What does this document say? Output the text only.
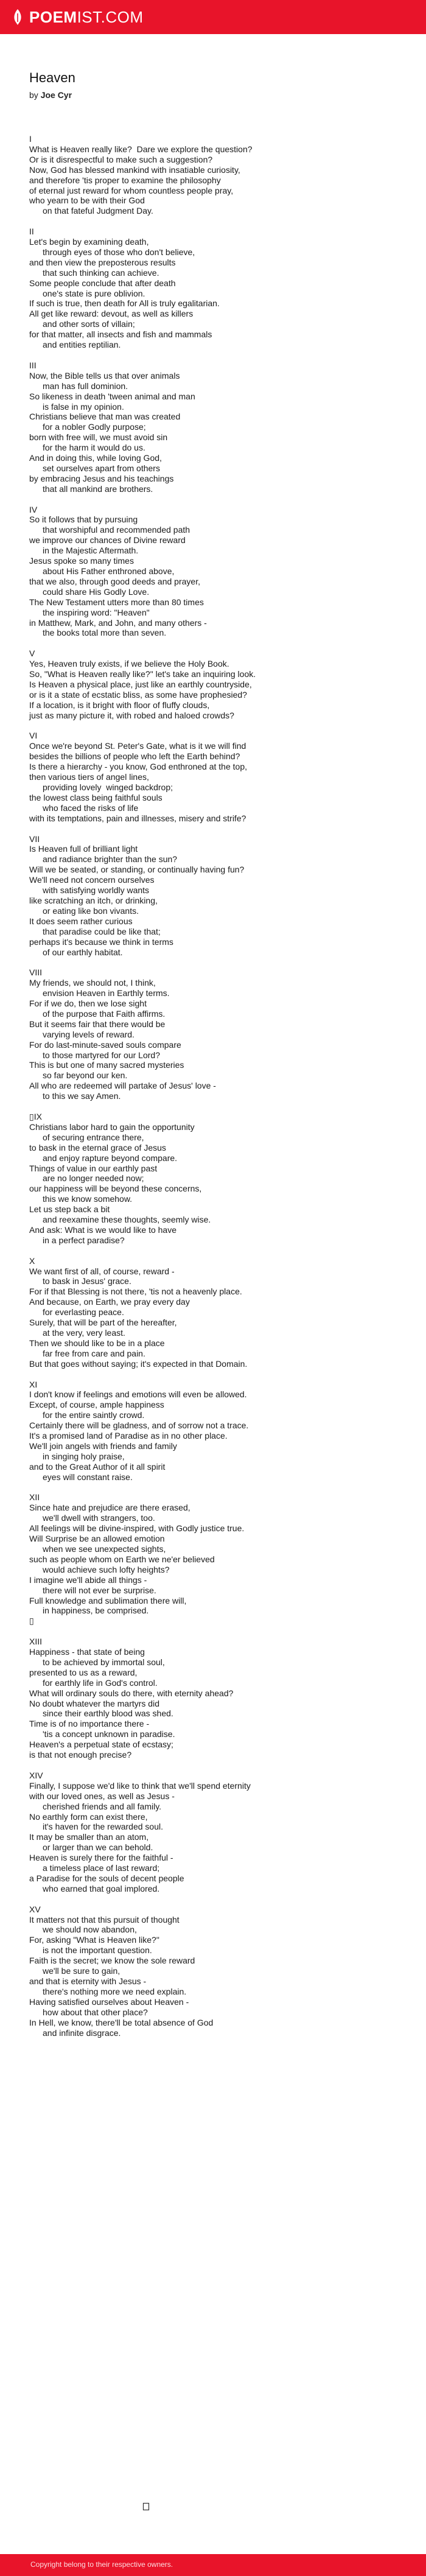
POEMIST.COM
Heaven
by Joe Cyr
I
What is Heaven really like?  Dare we explore the question?
Or is it disrespectful to make such a suggestion?
Now, God has blessed mankind with insatiable curiosity,
and therefore 'tis proper to examine the philosophy
of eternal just reward for whom countless people pray,
who yearn to be with their God
on that fateful Judgment Day.
II
Let's begin by examining death,
through eyes of those who don't believe,
and then view the preposterous results
that such thinking can achieve.
Some people conclude that after death
one's state is pure oblivion.
If such is true, then death for All is truly egalitarian.
All get like reward: devout, as well as killers
and other sorts of villain;
for that matter, all insects and fish and mammals
and entities reptilian.
III
Now, the Bible tells us that over animals
man has full dominion.
So likeness in death 'tween animal and man
is false in my opinion.
Christians believe that man was created
for a nobler Godly purpose;
born with free will, we must avoid sin
for the harm it would do us.
And in doing this, while loving God,
set ourselves apart from others
by embracing Jesus and his teachings
that all mankind are brothers.
IV
So it follows that by pursuing
that worshipful and recommended path
we improve our chances of Divine reward
in the Majestic Aftermath.
Jesus spoke so many times
about His Father enthroned above,
that we also, through good deeds and prayer,
could share His Godly Love.
The New Testament utters more than 80 times
the inspiring word: "Heaven"
in Matthew, Mark, and John, and many others -
the books total more than seven.
V
Yes, Heaven truly exists, if we believe the Holy Book.
So, "What is Heaven really like?" let's take an inquiring look.
Is Heaven a physical place, just like an earthly countryside,
or is it a state of ecstatic bliss, as some have prophesied?
If a location, is it bright with floor of fluffy clouds,
just as many picture it, with robed and haloed crowds?
VI
Once we're beyond St. Peter's Gate, what is it we will find
besides the billions of people who left the Earth behind?
Is there a hierarchy - you know, God enthroned at the top,
then various tiers of angel lines,
providing lovely  winged backdrop;
the lowest class being faithful souls
who faced the risks of life
with its temptations, pain and illnesses, misery and strife?
VII
Is Heaven full of brilliant light
and radiance brighter than the sun?
Will we be seated, or standing, or continually having fun?
We'll need not concern ourselves
with satisfying worldly wants
like scratching an itch, or drinking,
or eating like bon vivants.
It does seem rather curious
that paradise could be like that;
perhaps it's because we think in terms
of our earthly habitat.
VIII
My friends, we should not, I think,
envision Heaven in Earthly terms.
For if we do, then we lose sight
of the purpose that Faith affirms.
But it seems fair that there would be
varying levels of reward.
For do last-minute-saved souls compare
to those martyred for our Lord?
This is but one of many sacred mysteries
so far beyond our ken.
All who are redeemed will partake of Jesus' love -
to this we say Amen.
▯IX
Christians labor hard to gain the opportunity
of securing entrance there,
to bask in the eternal grace of Jesus
and enjoy rapture beyond compare.
Things of value in our earthly past
are no longer needed now;
our happiness will be beyond these concerns,
this we know somehow.
Let us step back a bit
and reexamine these thoughts, seemly wise.
And ask: What is we would like to have
in a perfect paradise?
X
We want first of all, of course, reward -
to bask in Jesus' grace.
For if that Blessing is not there, 'tis not a heavenly place.
And because, on Earth, we pray every day
for everlasting peace.
Surely, that will be part of the hereafter,
at the very, very least.
Then we should like to be in a place
far free from care and pain.
But that goes without saying; it's expected in that Domain.
XI
I don't know if feelings and emotions will even be allowed.
Except, of course, ample happiness
for the entire saintly crowd.
Certainly there will be gladness, and of sorrow not a trace.
It's a promised land of Paradise as in no other place.
We'll join angels with friends and family
in singing holy praise,
and to the Great Author of it all spirit
eyes will constant raise.
XII
Since hate and prejudice are there erased,
we'll dwell with strangers, too.
All feelings will be divine-inspired, with Godly justice true.
Will Surprise be an allowed emotion
when we see unexpected sights,
such as people whom on Earth we ne'er believed
would achieve such lofty heights?
I imagine we'll abide all things -
there will not ever be surprise.
Full knowledge and sublimation there will,
in happiness, be comprised.
▯
XIII
Happiness - that state of being
to be achieved by immortal soul,
presented to us as a reward,
for earthly life in God's control.
What will ordinary souls do there, with eternity ahead?
No doubt whatever the martyrs did
since their earthly blood was shed.
Time is of no importance there -
'tis a concept unknown in paradise.
Heaven's a perpetual state of ecstasy;
is that not enough precise?
XIV
Finally, I suppose we'd like to think that we'll spend eternity
with our loved ones, as well as Jesus -
cherished friends and all family.
No earthly form can exist there,
it's haven for the rewarded soul.
It may be smaller than an atom,
or larger than we can behold.
Heaven is surely there for the faithful -
a timeless place of last reward;
a Paradise for the souls of decent people
who earned that goal implored.
XV
It matters not that this pursuit of thought
we should now abandon,
For, asking "What is Heaven like?"
is not the important question.
Faith is the secret; we know the sole reward
we'll be sure to gain,
and that is eternity with Jesus -
there's nothing more we need explain.
Having satisfied ourselves about Heaven -
how about that other place?
In Hell, we know, there'll be total absence of God
and infinite disgrace.
Copyright belong to their respective owners.
